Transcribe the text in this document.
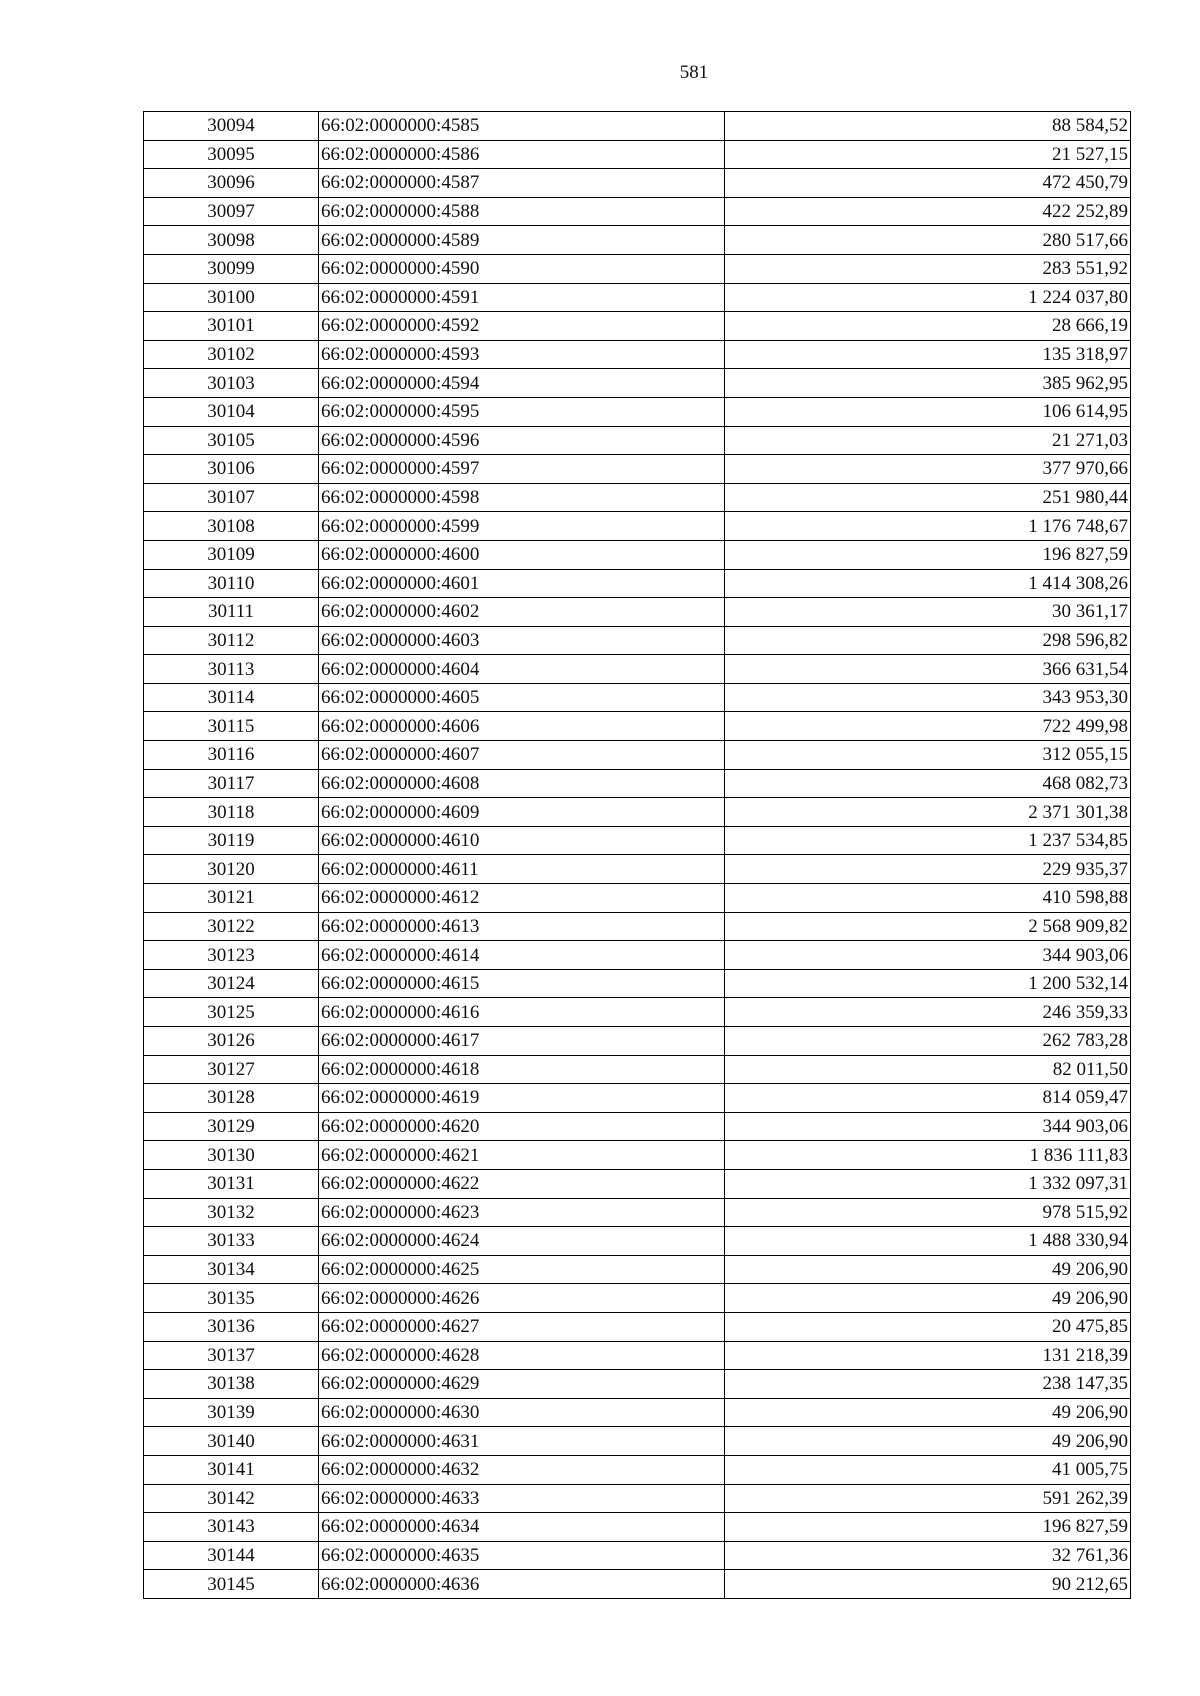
581
30094	66:02:0000000:4585	88 584,52
30095	66:02:0000000:4586	21 527,15
30096	66:02:0000000:4587	472 450,79
30097	66:02:0000000:4588	422 252,89
30098	66:02:0000000:4589	280 517,66
30099	66:02:0000000:4590	283 551,92
30100	66:02:0000000:4591	1 224 037,80
30101	66:02:0000000:4592	28 666,19
30102	66:02:0000000:4593	135 318,97
30103	66:02:0000000:4594	385 962,95
30104	66:02:0000000:4595	106 614,95
30105	66:02:0000000:4596	21 271,03
30106	66:02:0000000:4597	377 970,66
30107	66:02:0000000:4598	251 980,44
30108	66:02:0000000:4599	1 176 748,67
30109	66:02:0000000:4600	196 827,59
30110	66:02:0000000:4601	1 414 308,26
30111	66:02:0000000:4602	30 361,17
30112	66:02:0000000:4603	298 596,82
30113	66:02:0000000:4604	366 631,54
30114	66:02:0000000:4605	343 953,30
30115	66:02:0000000:4606	722 499,98
30116	66:02:0000000:4607	312 055,15
30117	66:02:0000000:4608	468 082,73
30118	66:02:0000000:4609	2 371 301,38
30119	66:02:0000000:4610	1 237 534,85
30120	66:02:0000000:4611	229 935,37
30121	66:02:0000000:4612	410 598,88
30122	66:02:0000000:4613	2 568 909,82
30123	66:02:0000000:4614	344 903,06
30124	66:02:0000000:4615	1 200 532,14
30125	66:02:0000000:4616	246 359,33
30126	66:02:0000000:4617	262 783,28
30127	66:02:0000000:4618	82 011,50
30128	66:02:0000000:4619	814 059,47
30129	66:02:0000000:4620	344 903,06
30130	66:02:0000000:4621	1 836 111,83
30131	66:02:0000000:4622	1 332 097,31
30132	66:02:0000000:4623	978 515,92
30133	66:02:0000000:4624	1 488 330,94
30134	66:02:0000000:4625	49 206,90
30135	66:02:0000000:4626	49 206,90
30136	66:02:0000000:4627	20 475,85
30137	66:02:0000000:4628	131 218,39
30138	66:02:0000000:4629	238 147,35
30139	66:02:0000000:4630	49 206,90
30140	66:02:0000000:4631	49 206,90
30141	66:02:0000000:4632	41 005,75
30142	66:02:0000000:4633	591 262,39
30143	66:02:0000000:4634	196 827,59
30144	66:02:0000000:4635	32 761,36
30145	66:02:0000000:4636	90 212,65
